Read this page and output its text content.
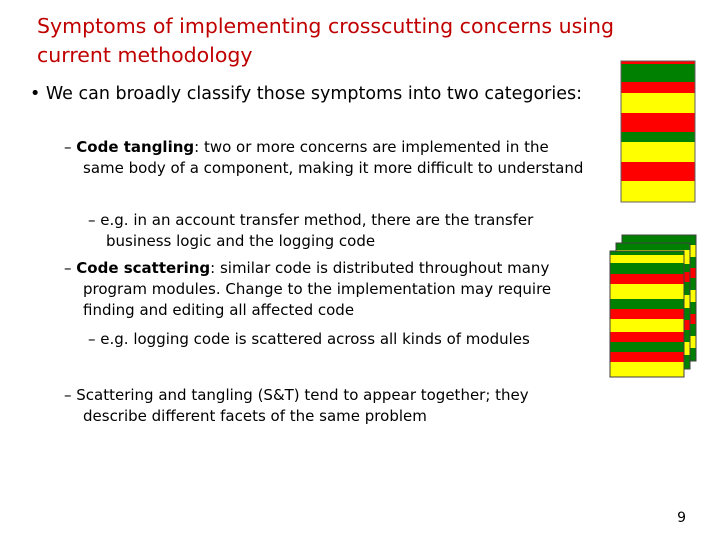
Symptoms of implementing crosscutting concerns using current methodology
• We can broadly classify those symptoms into two categories:
– Code tangling: two or more concerns are implemented in the same body of a component, making it more difficult to understand
– e.g. in an account transfer method, there are the transfer business logic and the logging code
– Code scattering: similar code is distributed throughout many program modules. Change to the implementation may require finding and editing all affected code
– e.g. logging code is scattered across all kinds of modules
– Scattering and tangling (S&T) tend to appear together; they describe different facets of the same problem
9
